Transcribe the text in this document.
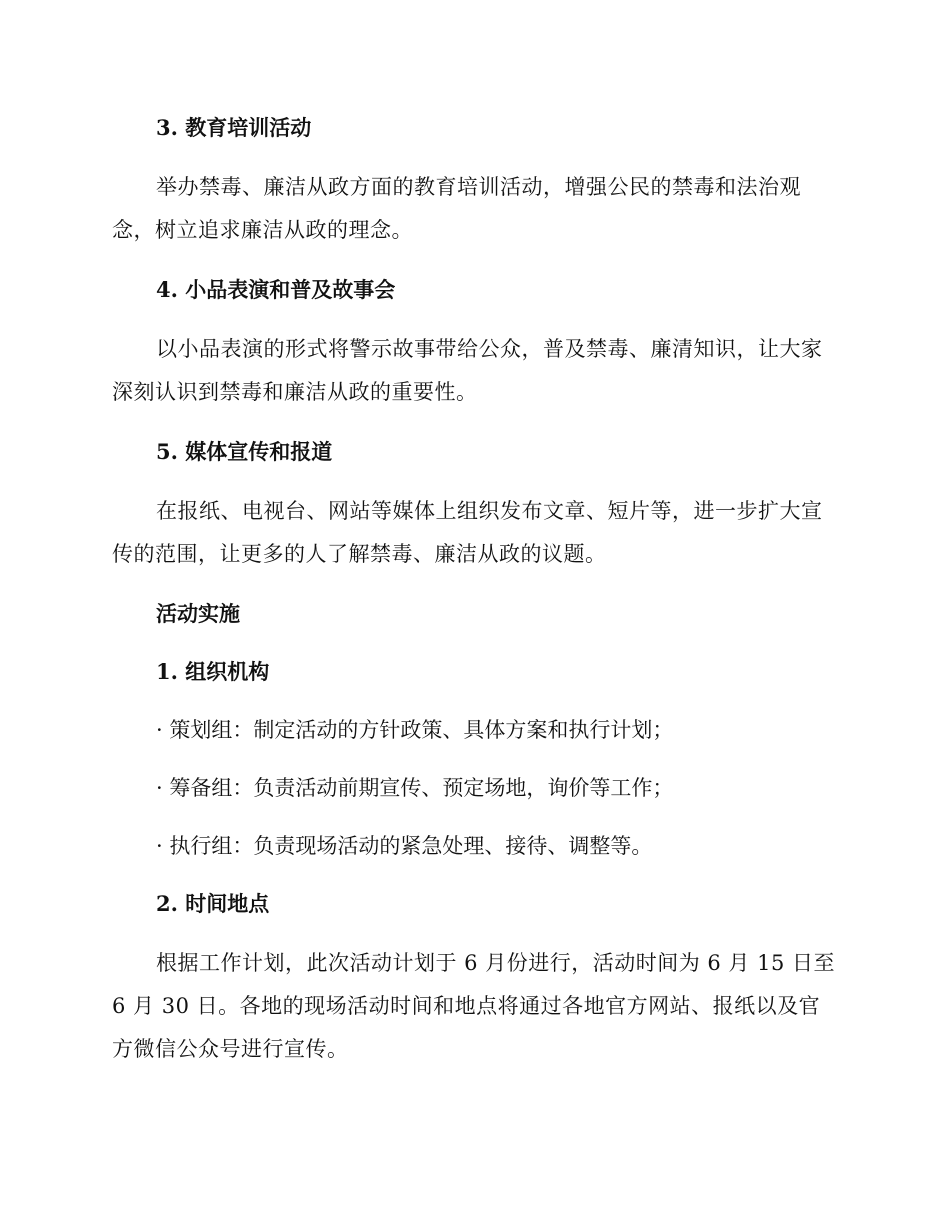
3. 教育培训活动

举办禁毒、廉洁从政方面的教育培训活动，增强公民的禁毒和法治观念，树立追求廉洁从政的理念。

4. 小品表演和普及故事会

以小品表演的形式将警示故事带给公众，普及禁毒、廉清知识，让大家深刻认识到禁毒和廉洁从政的重要性。

5. 媒体宣传和报道

在报纸、电视台、网站等媒体上组织发布文章、短片等，进一步扩大宣传的范围，让更多的人了解禁毒、廉洁从政的议题。

活动实施

1. 组织机构

· 策划组：制定活动的方针政策、具体方案和执行计划；

· 筹备组：负责活动前期宣传、预定场地，询价等工作；

· 执行组：负责现场活动的紧急处理、接待、调整等。

2. 时间地点

根据工作计划，此次活动计划于 6 月份进行，活动时间为 6 月 15 日至 6 月 30 日。各地的现场活动时间和地点将通过各地官方网站、报纸以及官方微信公众号进行宣传。
